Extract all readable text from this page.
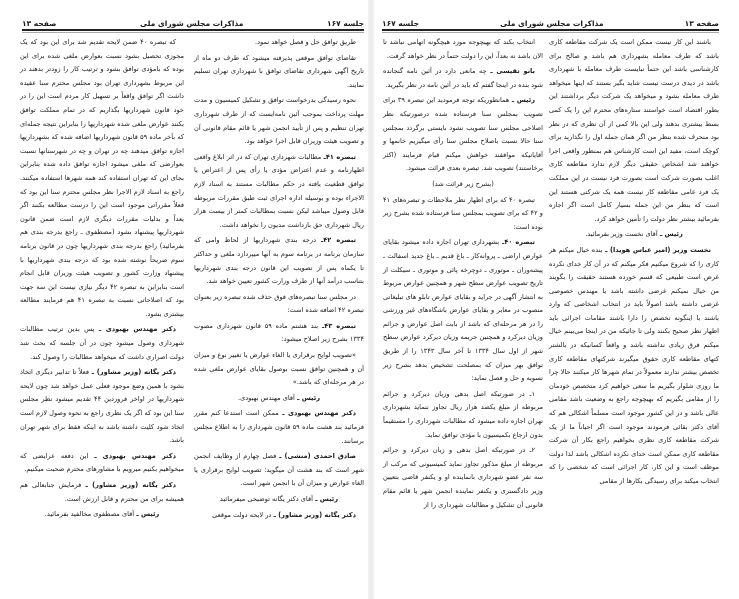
جلسه ۱۶۷
مذاکرات مجلس شورای ملی
صفحه ۱۳

طریق توافق حل و فصل خواهد نمود.

تقاضای توافق موقعی پذیرفته میشود که ظرف دو ماه از تاریخ آگهی شهرداری تقاضای توافق با شهرداری تهران تسلیم نمایند.

نحوه رسیدگی بدرخواست توافق و تشکیل کمیسیون و مدت مهلت پرداخت بموجب آئین نامه‌ایست که از طرف شهرداری تهران تنظیم و پس از تأیید انجمن شهر یا قائم مقام قانونی آن و تصویب هیئت وزیران قابل اجرا خواهد بود.

تبصره ۴۱ـ مطالبات شهرداری تهران که در اثر ابلاغ واقعی اظهارنامه و عدم اعتراض مؤدی یا رأی پس از اعتراض یا توافق قطعیت یافته در حکم مطالبات مستند به اسناد لازم الاجراء بوده و بوسیله اداره اجرای ثبت طبق مقررات مربوطه قابل وصول میباشد لیکن نسبت بمطالبات کمتر از بیست هزار ریال شهرداری حق بازداشت مدیون را نخواهد داشت.

تبصره ۴۲ـ درجه بندی شهرداریها از لحاظ وامی که سازمان برنامه در برنامه سوم به آنها میپردازد ملغی و حداکثر تا یکماه پس از تصویب این قانون درجه بندی شهرداریها بتناسب درآمد آنها از طرف وزارت کشور تعیین خواهد شد.

در مجلس سنا تبصره‌های فوق حذف شده تبصره زیر بعنوان تبصره ۴۲ اضافه شده است:

تبصره ۴۳ـ بند هشتم ماده ۵۹ قانون شهرداری مصوب ۱۳۳۴ بشرح زیر اصلاح میشود:

«تصویب لوایح برقراری یا الغاء عوارض یا تغییر نوع و میزان آن و همچنین توافق نسبت بوصول بقایای عوارض ملغی شده در هر مرحله‌ای که باشد.»

رئیس ـ آقای مهندس بهبودی.

دکتر مهندس بهبودی ـ ممکن است استدعا کنم مقرر فرمائید بند هشت ماده ۵۹ قانون شهرداری را به اطلاع مجلس برسانند.

صادق احمدی (منشی) ـ فصل چهارم از وظایف انجمن شهر است که بند هشت آن میگوید: تصویب لوایح برقراری یا الغاء عوارض و میزان آن با انجمن شهر است.

رئیس ـ آقای دکتر یگانه توضیحی میفرمائید

دکتر یگانه (وزیر مشاور) ـ در لایحه دولت موقعی

که تبصره ۴۰ ضمن لایحه تقدیم شد برای این بود که یک مجوزی تحصیل بشود نسبت بعوارض ملغی شده برای این بوده که بامؤدی توافق بشود و ترتیب کار را زودتر بدهند در این مربوط بشهرداری تهران بود مجلس محترم سنا عقیده داشت اگر توافق واقعاً بر تسهیل کار مردم است این را در خود قانون شهرداریها بگذاریم که در تمام مملکت توافق بکنند عوارض ملغی شده شهرداریها را بنابراین نتیجه جمله‌ای که بآخر ماده ۵۹ قانون شهرداریها اضافه شده که بشهرداریها اجازه توافق میدهند چه در تهران و چه در شهرستانها نسبت بعوارضی که ملغی میشود اجازه توافق داده شده بنابراین بجای این که تهران استفاده کند همه شهرها استفاده میکنند. راجع به اسناد لازم الاجرا نظر مجلس محترم سنا این بود که فعلاً مقرراتی موجود است این را درست مطالعه بکنند اگر بعداً و بدلیات مقررات دیگری لازم است ضمن قانون شهرداریها پیشنهاد بشود (مصطفوی ـ راجع بدرجه بندی هم بفرمائید) راجع بدرجه بندی شهرداریها چون در قانون برنامه سوم صریحاً نوشته شده بود که درجه بندی شهرداریها با پیشنهاد وزارت کشور و تصویب هیئت وزیران قابل انجام است بنابراین به تبصره ۴۲ دیگر نیازی نیست این سه جهت بود که اصلاحاتی نسبت به تبصره ۴۱ هم فرمایند مطالعه بیشتری بشود.

دکتر مهندس بهبودی ـ پس بدین ترتیب مطالبات شهرداری وصول میشود چون در آن جلسه که بحث شد دولت اصراری داشت که میخواهد مطالبات را وصول کند.

دکتر یگانه (وزیر مشاور) ـ فعلاً تا تدابیر دیگری اتخاذ بشود با همین وضع موجود فعلی عمل خواهد شد چون لایحه شهرداریها در اواخر فروردین ۴۴ تقدیم میشود نظر مجلس سنا این بود که اگر یک نظری راجع به نحوه وصول لازم است اتخاذ شود کلیت داشته باشد نه اینکه فقط برای شهر تهران باشد.

دکتر مهندس بهبودی ـ این دفعه عرایضی که میخواهیم بکنیم میرویم با مشاورهای محترم صحبت میکنیم.

دکتر یگانه (وزیر مشاور) ـ فرمایش جنابعالی هم همیشه برای من محترم و قابل ارزش است.

رئیس ـ آقای مصطفوی مخالفید بفرمائید.

صفحه ۱۳
مذاکرات مجلس شورای ملی
جلسه ۱۶۷

باشند این کار نیست ممکن است یک شرکت مقاطعه کاری باشد که طرف معامله بشهرداری هم باشد و صالح برای کارشناسی باشد این حتماً نبایست طرف معامله با شهرداری باشد در دیدی درست نیست شاید بگیر بستند که اینها میخواهد طرف معامله بشود و میخواهد یک شرکت دیگر برداشتند این بطور اقتصاد است خواستند ستاره‌های محترم این را یک کمی بسط بیشتری بدهند ولی این بالا کمی از آن نظری که در نظر بود منحرف شده بنظر من اگر همان جمله اول را نگذارید برای کوچک است، مفید این است کارشناس هم بمنظور واقعی اجرا خواهند شد اشخاص حقیقی دیگر لازم ندارد مقاطعه کاری اغلب بصورت شرکت است بصورت فرد نیست در این مملکت یک فرد عامی مقاطعه کار نیست همه یک شرکتی هستند این است که بنظر من این جمله بسیار کامل است اگر اجازه بفرمائید بیشتر نظر دولت را تأمین خواهد کرد.

رئیس ـ آقای نخست وزیر بفرمائید.

نخست وزیر (امیر عباس هویدا) ـ بنده خیال میکنم هر کاری را که شروع میکنیم فکر میکنم که در آن کار خدای نکرده غرض است طبیعی که قسم خورده هستند حقیقت را بگویند من خیال نمیکنم غرضی داشته باشد یا مهندس خصوصی غرضی داشته باشد اصولاً باید در انتخاب اشخاصی که وارد باشند با اینگونه تخصص را دارا باشند مقامات اجرائی باید اظهار نظر صحیح بکنند ولی تا جائیکه من در اینجا می‌بینم خیال میکنم فرق زیادی نداشته باشد و واقعاً کسانیکه در بالشتر کتهای مقاطعه کاری حقوق میگیرند شرکتهای مقاطعه کاری تخصص بیشتر ندارند معمولاً در تمام شهرها کار میکنند حالا چرا ما روزی شلوار بگیریم ما سعی خواهیم کرد متخصص خودمان را از مقامی بگیریم که بهیچوجه راجع به وضعیت باشد مقامی عالی باشد و در این کشور موجود است مسلماً اشکالی هم که آقای دکتر بقائی فرمودند موجود است اگر احیاناً ما از یک شرکت مقاطعه کاری نظری بخواهیم راجع بکار آن شرکت مقاطعه کاری ممکن است خدای نکرده اشکالی باشد لذا دولت موظف است و این کار، کار اجرائی است که شخصی را که انتخاب میکند برای رسیدگی بکارها از مقامی

انتخاب بکند که بهیچوجه مورد هیچگونه اتهامی نباشد تا الان باشد نه بعداً، این را دولت حتماً در نظر خواهد گرفت.

بانو تفیسی ـ چه مانعی دارد در آئین نامه گنجانده شود بنده در اینجا گفتم که باید در آئین نامه در نظر بگیرید.

رئیس ـ همانطوریکه توجه فرمودید این تبصره ۳۹ برای تصویب بمجلس سنا فرستاده شده درصورتیکه نظر اصلاحی مجلس سنا تصویب نشود بایستی برگردد بمجلس سنا حالا نسبت باصلاح مجلس سنا رأی میگیریم خانمها و آقایانیکه موافقند خواهش میکنم قیام فرمایند (اکثر برخاستند) تصویب شد. تبصره بعدی قرائت میشود.

(بشرح زیر قرائت شد)

تبصره ۴۰ که برای اظهار نظر ملاحظات و تبصره‌های ۴۱ و ۴۲ که برای تصویب بمجلس سنا فرستاده شده بشرح زیر بوده است:

تبصره ۴۰ـ بشهرداری تهران اجازه داده میشود بقایای عوارض اراضی ـ پروانه‌کار ـ باغ قدیم ـ باغ جدید اسفالت ـ پیشه‌وران ـ موتوری ـ دوچرخه پائی و موتوری ـ سیکلت از تاریخ تصویب عوارض سطح شهر و همچنین عوارض مربوط به انتشار آگهی در جراید و بقایای عوارض تابلو های تبلیغاتی منصوب در معابر و بقایای عوارض باشگاه‌های غیر ورزشی را در هر مرحله‌ای که باشد از بابت اصل عوارض و جرائم وزیان دیرکرد و همچنین جریمه وزیان دیرکرد عوارض سطح شهر از اول سال ۱۳۳۴ تا آخر سال ۱۳۴۳ را از طریق توافق بهر میزان که بمصلحت تشخیص بدهد بشرح زیر تسویه و حل و فصل نماید:

۱ـ در صورتیکه اصل بدهی وزیان دیرکرد و جرائم مربوطه از مبلغ یکصد هزار ریال تجاوز ننماید بشهرداری تهران اجازه داده میشود که مطالبات شهرداری را مستقیماً بدون ارجاع بکمیسیون با مؤدی توافق نماید.

۲ـ در صورتیکه اصل بدهی و زیان دیرکرد و جرائم مربوطه از مبلغ مذکور تجاوز نماید کمیسیونی که مرکب از سه نفر عضو شهرداری بانماینده او و یکنفر قاضی بتعیین وزیر دادگستری و یکنفر نماینده انجمن شهر یا قائم مقام قانونی آن تشکیل و مطالبات شهرداری را از
